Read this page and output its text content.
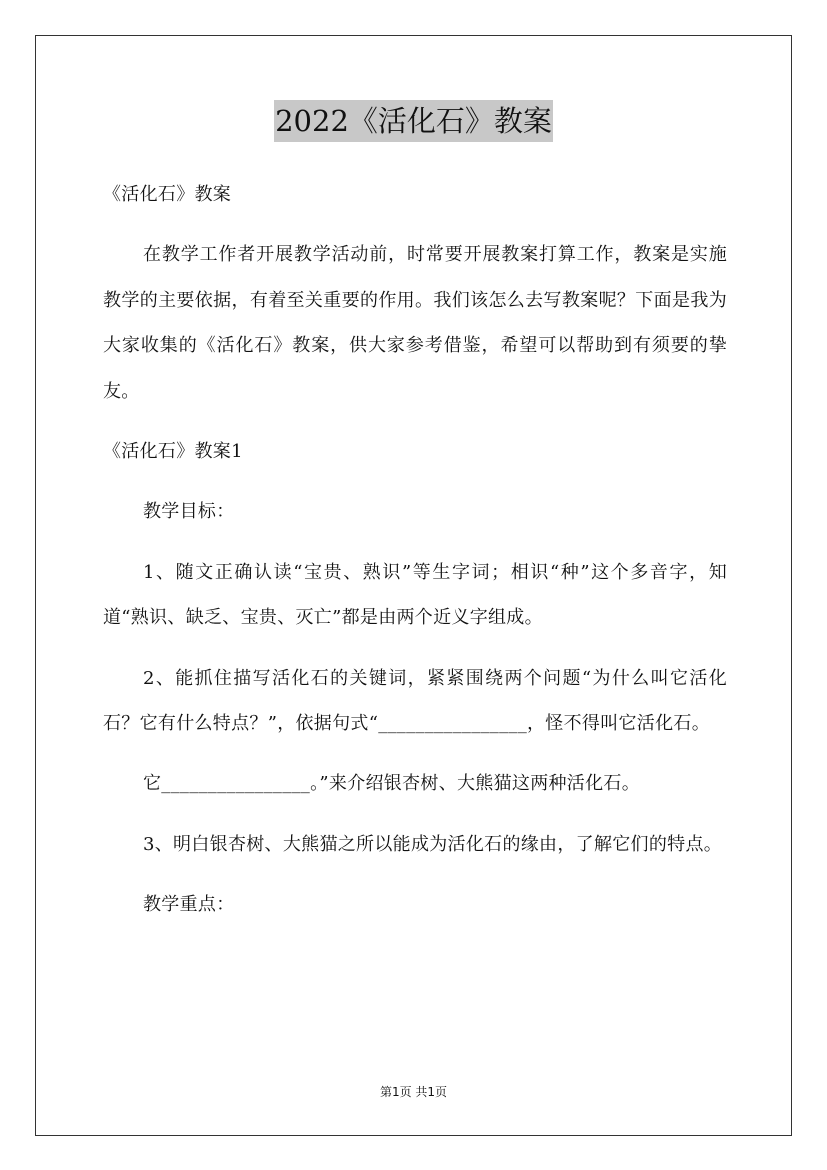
2022《活化石》教案

《活化石》教案

在教学工作者开展教学活动前，时常要开展教案打算工作，教案是实施教学的主要依据，有着至关重要的作用。我们该怎么去写教案呢？下面是我为大家收集的《活化石》教案，供大家参考借鉴，希望可以帮助到有须要的挚友。

《活化石》教案1

教学目标：

1、随文正确认读“宝贵、熟识”等生字词；相识“种”这个多音字，知道“熟识、缺乏、宝贵、灭亡”都是由两个近义字组成。

2、能抓住描写活化石的关键词，紧紧围绕两个问题“为什么叫它活化石？它有什么特点？”，依据句式“________________，怪不得叫它活化石。

它________________。”来介绍银杏树、大熊猫这两种活化石。

3、明白银杏树、大熊猫之所以能成为活化石的缘由，了解它们的特点。

教学重点：

第1页 共1页
